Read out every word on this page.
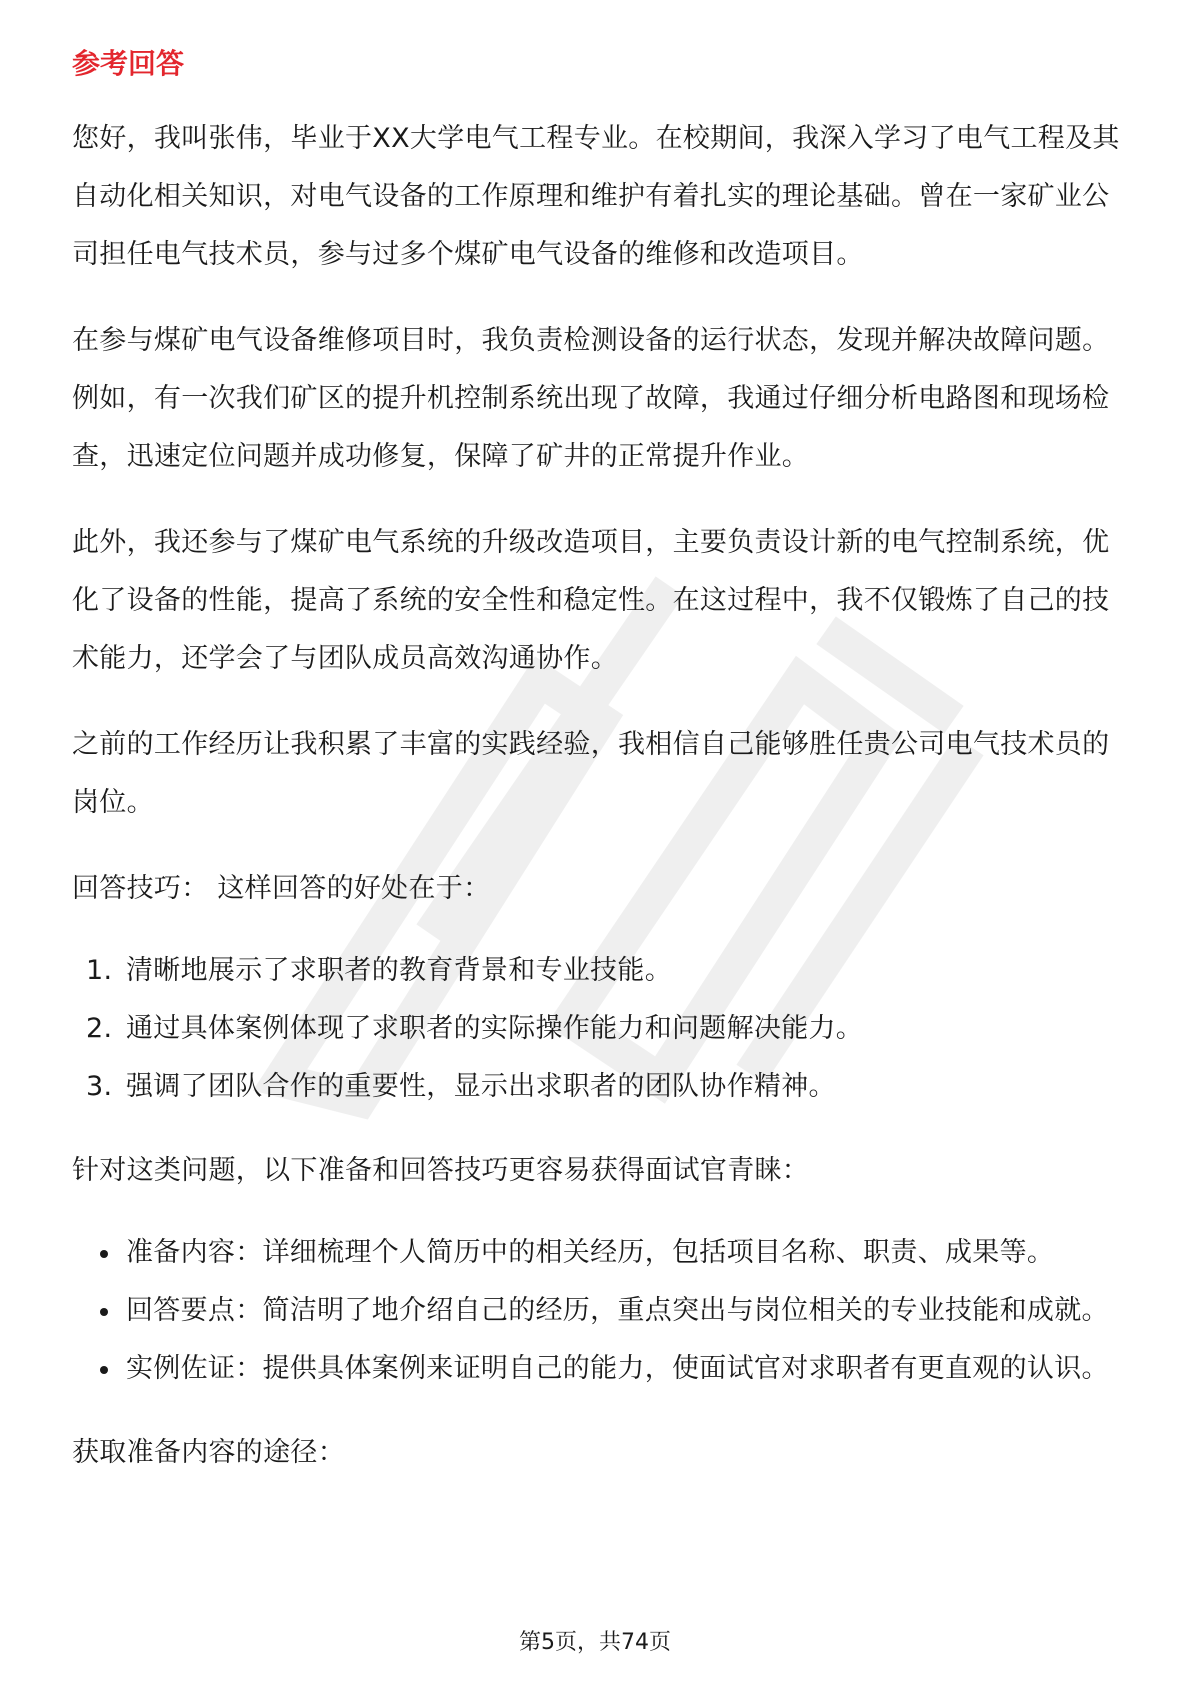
参考回答

您好，我叫张伟，毕业于XX大学电气工程专业。在校期间，我深入学习了电气工程及其自动化相关知识，对电气设备的工作原理和维护有着扎实的理论基础。曾在一家矿业公司担任电气技术员，参与过多个煤矿电气设备的维修和改造项目。

在参与煤矿电气设备维修项目时，我负责检测设备的运行状态，发现并解决故障问题。例如，有一次我们矿区的提升机控制系统出现了故障，我通过仔细分析电路图和现场检查，迅速定位问题并成功修复，保障了矿井的正常提升作业。

此外，我还参与了煤矿电气系统的升级改造项目，主要负责设计新的电气控制系统，优化了设备的性能，提高了系统的安全性和稳定性。在这过程中，我不仅锻炼了自己的技术能力，还学会了与团队成员高效沟通协作。

之前的工作经历让我积累了丰富的实践经验，我相信自己能够胜任贵公司电气技术员的岗位。

回答技巧： 这样回答的好处在于：

1. 清晰地展示了求职者的教育背景和专业技能。
2. 通过具体案例体现了求职者的实际操作能力和问题解决能力。
3. 强调了团队合作的重要性，显示出求职者的团队协作精神。

针对这类问题，以下准备和回答技巧更容易获得面试官青睐：

准备内容：详细梳理个人简历中的相关经历，包括项目名称、职责、成果等。
回答要点：简洁明了地介绍自己的经历，重点突出与岗位相关的专业技能和成就。
实例佐证：提供具体案例来证明自己的能力，使面试官对求职者有更直观的认识。

获取准备内容的途径：

第5页，共74页
